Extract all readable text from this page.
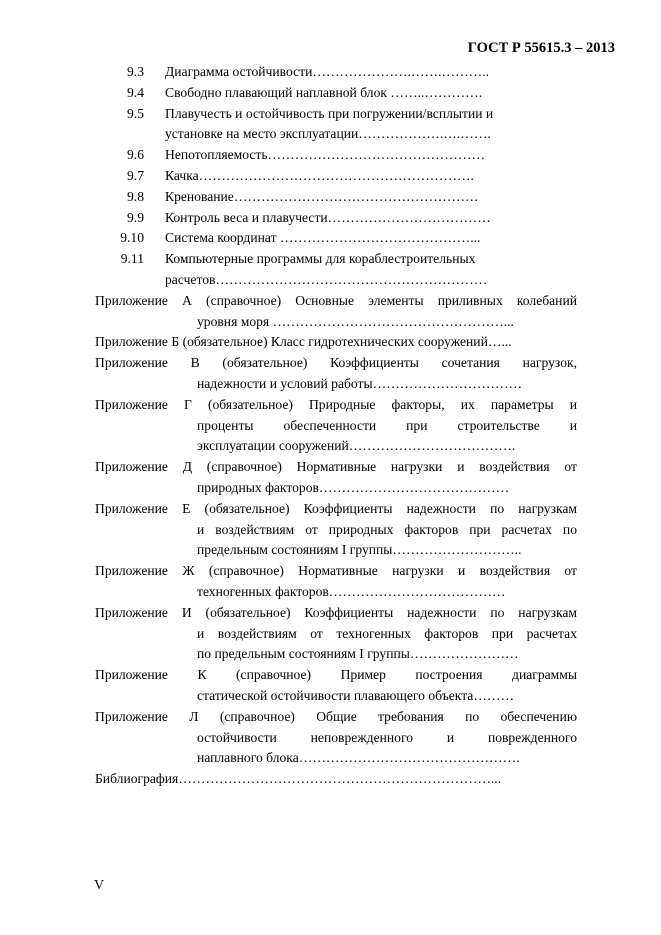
ГОСТ Р 55615.3 – 2013
9.3	Диаграмма остойчивости………………….…….………..
9.4	Свободно плавающий наплавной блок ……..………….
9.5	Плавучесть и остойчивость при погружении/всплытии и
установке на место эксплуатации……………….….…….
9.6	Непотопляемость…………………………………………
9.7	Качка…………………………………………………….
9.8	Кренование………………………………………………
9.9	Контроль веса и плавучести………………………………
9.10	Система координат ……………………………………...
9.11	Компьютерные программы для кораблестроительных
расчетов……………………………………………………
Приложение А (справочное) Основные элементы приливных колебаний
уровня моря ……………………………………………...
Приложение Б (обязательное) Класс гидротехнических сооружений…...
Приложение В (обязательное) Коэффициенты сочетания нагрузок,
надежности и условий работы……………………………
Приложение Г (обязательное) Природные факторы, их параметры и
проценты обеспеченности при строительстве и
эксплуатации сооружений……………………………….
Приложение Д (справочное) Нормативные нагрузки и воздействия от
природных факторов……………………………………
Приложение Е (обязательное) Коэффициенты надежности по нагрузкам
и воздействиям от природных факторов при расчетах по
предельным состояниям I группы………………………..
Приложение Ж (справочное) Нормативные нагрузки и воздействия от
техногенных факторов…………………………………
Приложение И (обязательное) Коэффициенты надежности по нагрузкам
и воздействиям от техногенных факторов при расчетах
по предельным состояниям I группы……………………
Приложение К (справочное) Пример построения диаграммы
статической остойчивости плавающего объекта………
Приложение Л (справочное) Общие требования по обеспечению
остойчивости неповрежденного и поврежденного
наплавного блока………………………………………….
Библиография……………………………………………………………...
V
